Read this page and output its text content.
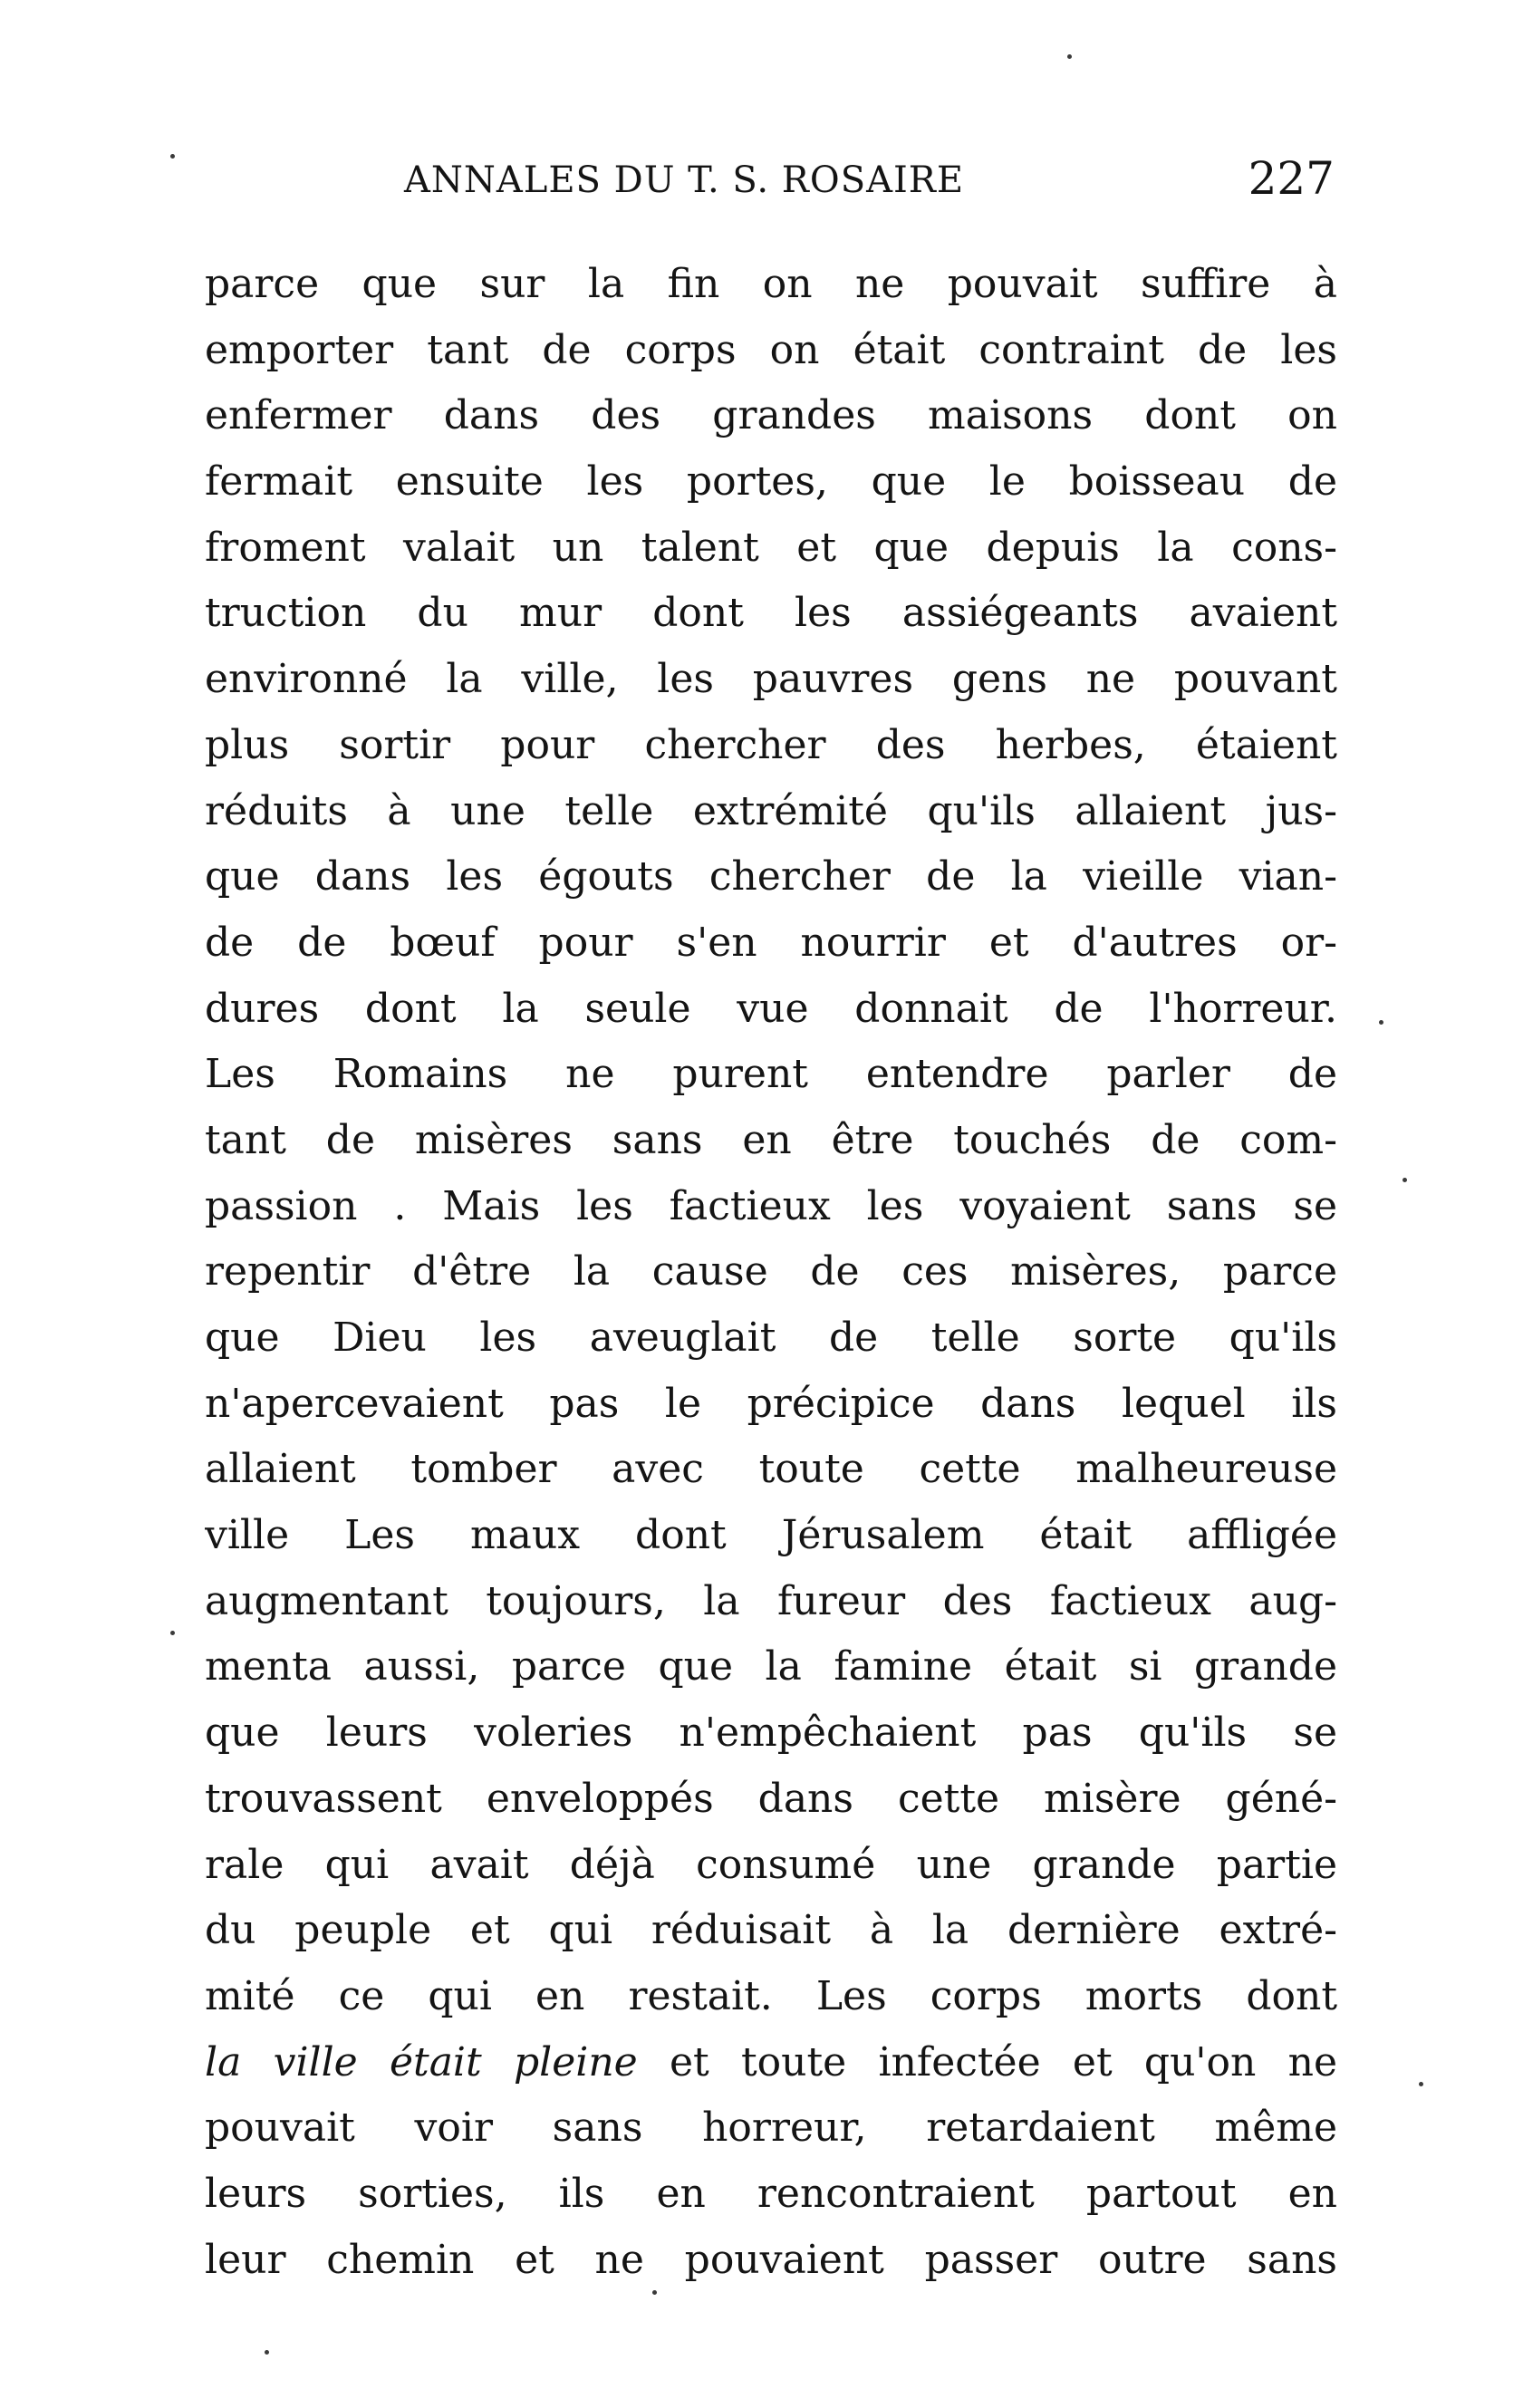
ANNALES DU T. S. ROSAIRE	227
parce que sur la fin on ne pouvait suffire à
emporter tant de corps on était contraint de les
enfermer dans des grandes maisons dont on
fermait ensuite les portes, que le boisseau de
froment valait un talent et que depuis la cons-
truction du mur dont les assiégeants avaient
environné la ville, les pauvres gens ne pouvant
plus sortir pour chercher des herbes, étaient
réduits à une telle extrémité qu'ils allaient jus-
que dans les égouts chercher de la vieille vian-
de de bœuf pour s'en nourrir et d'autres or-
dures dont la seule vue donnait de l'horreur.
Les Romains ne purent entendre parler de
tant de misères sans en être touchés de com-
passion . Mais les factieux les voyaient sans se
repentir d'être la cause de ces misères, parce
que Dieu les aveuglait de telle sorte qu'ils
n'apercevaient pas le précipice dans lequel ils
allaient tomber avec toute cette malheureuse
ville Les maux dont Jérusalem était affligée
augmentant toujours, la fureur des factieux aug-
menta aussi, parce que la famine était si grande
que leurs voleries n'empêchaient pas qu'ils se
trouvassent enveloppés dans cette misère géné-
rale qui avait déjà consumé une grande partie
du peuple et qui réduisait à la dernière extré-
mité ce qui en restait. Les corps morts dont
la ville était pleine et toute infectée et qu'on ne
pouvait voir sans horreur, retardaient même
leurs sorties, ils en rencontraient partout en
leur chemin et ne pouvaient passer outre sans
